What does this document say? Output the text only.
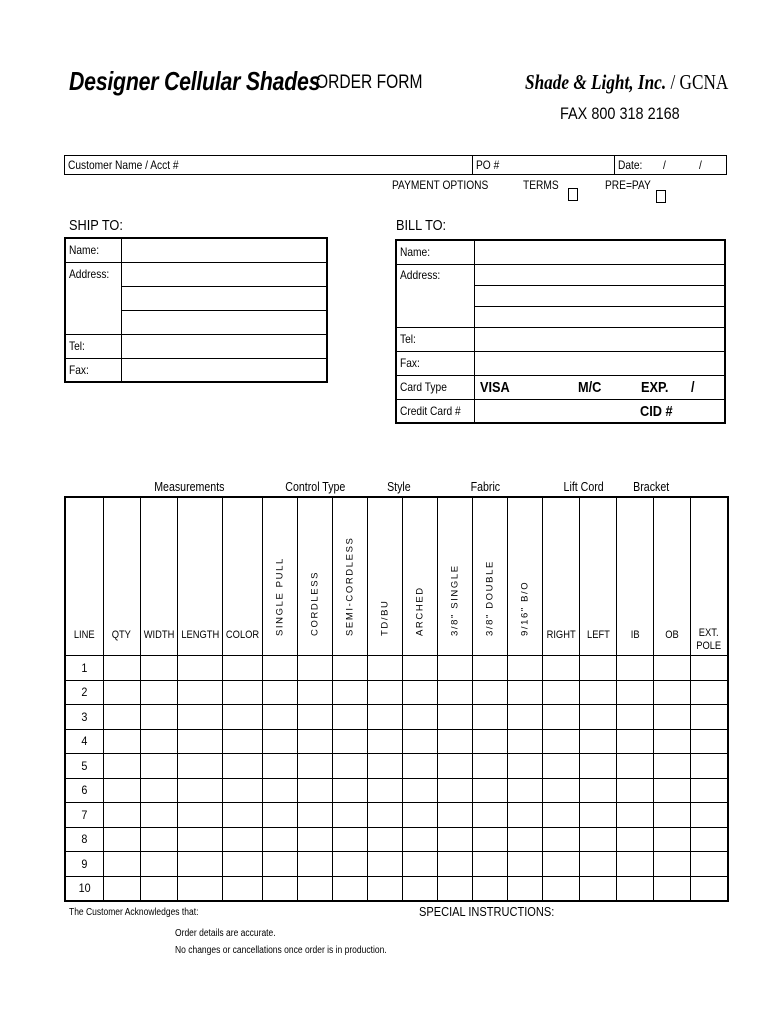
Designer Cellular Shades
ORDER FORM	Shade & Light, Inc. / GCNA
FAX 800 318 2168
Customer Name / Acct #	PO #	Date: /	/
PAYMENT OPTIONS	TERMS	PRE=PAY
SHIP TO:
Name:	
Address:	

Tel:	
Fax:	
BILL TO:
Name:	
Address:	

Tel:	
Fax:	
Card Type	VISA M/C EXP. /

Credit Card #	CID #
Measurements	Control Type	Style	Fabric	Lift Cord Bracket
LINE	QTY	WIDTH	LENGTH	COLOR	SINGLE PULL	CORDLESS	SEMI-CORDLESS	TD/BU	ARCHED	3/8" SINGLE	3/8" DOUBLE	9/16" B/O	RIGHT	LEFT	IB	OB	EXT.
POLE
1																	
2																	
3																	
4																	
5																	
6																	
7																	
8																	
9																	
10																	
The Customer Acknowledges that:
Order details are accurate.
No changes or cancellations once order is in production.
SPECIAL INSTRUCTIONS:
